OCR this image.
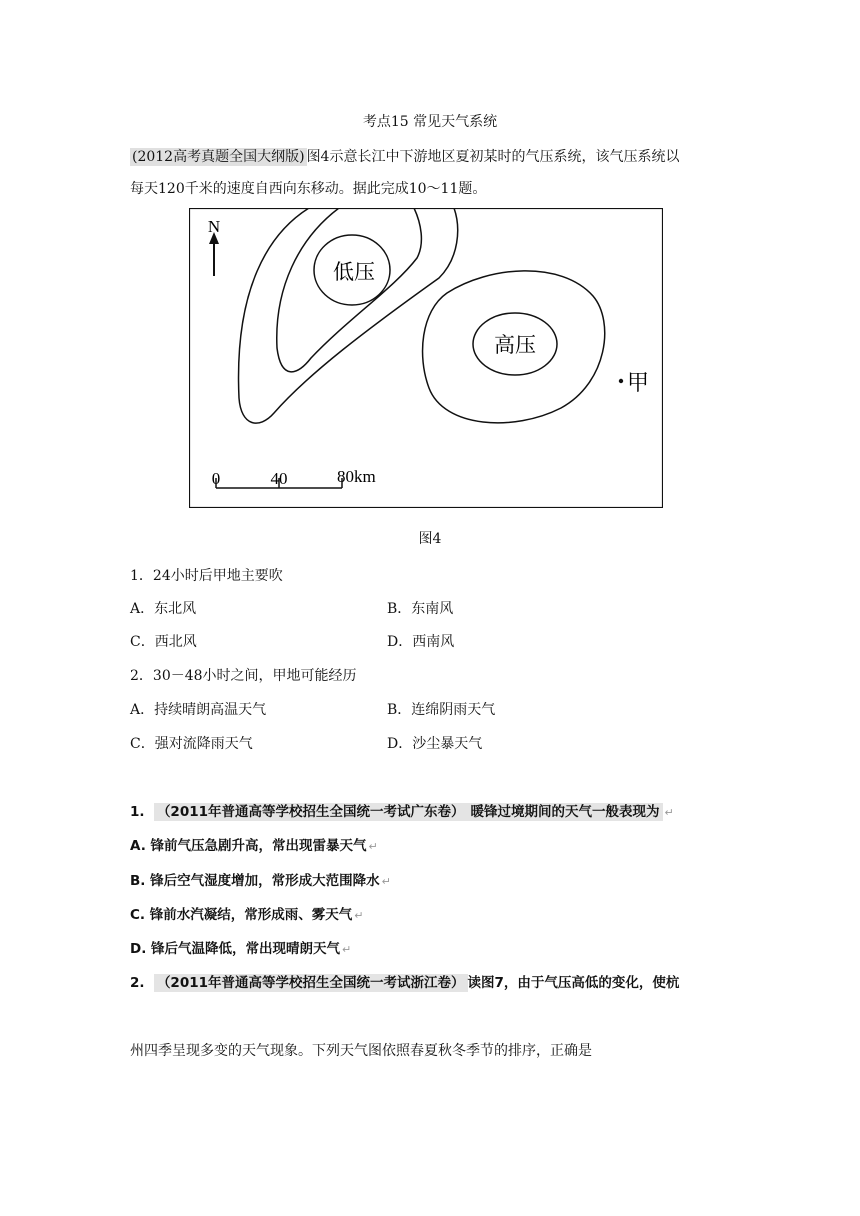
考点15 常见天气系统
(2012高考真题全国大纲版) 图4示意长江中下游地区夏初某时的气压系统，该气压系统以
每天120千米的速度自西向东移动。据此完成10～11题。
N
低压
高压
甲
0	40	80km
图4
1．24小时后甲地主要吹
A．东北风	B．东南风
C．西北风	D．西南风
2．30－48小时之间，甲地可能经历
A．持续晴朗高温天气	B．连绵阴雨天气
C．强对流降雨天气	D．沙尘暴天气
1. （2011年普通高等学校招生全国统一考试广东卷） 暖锋过境期间的天气一般表现为 ↵
A. 锋前气压急剧升高，常出现雷暴天气 ↵
B. 锋后空气湿度增加，常形成大范围降水 ↵
C. 锋前水汽凝结，常形成雨、雾天气 ↵
D. 锋后气温降低，常出现晴朗天气 ↵
2. （2011年普通高等学校招生全国统一考试浙江卷） 读图7，由于气压高低的变化，使杭
州四季呈现多变的天气现象。下列天气图依照春夏秋冬季节的排序，正确是
